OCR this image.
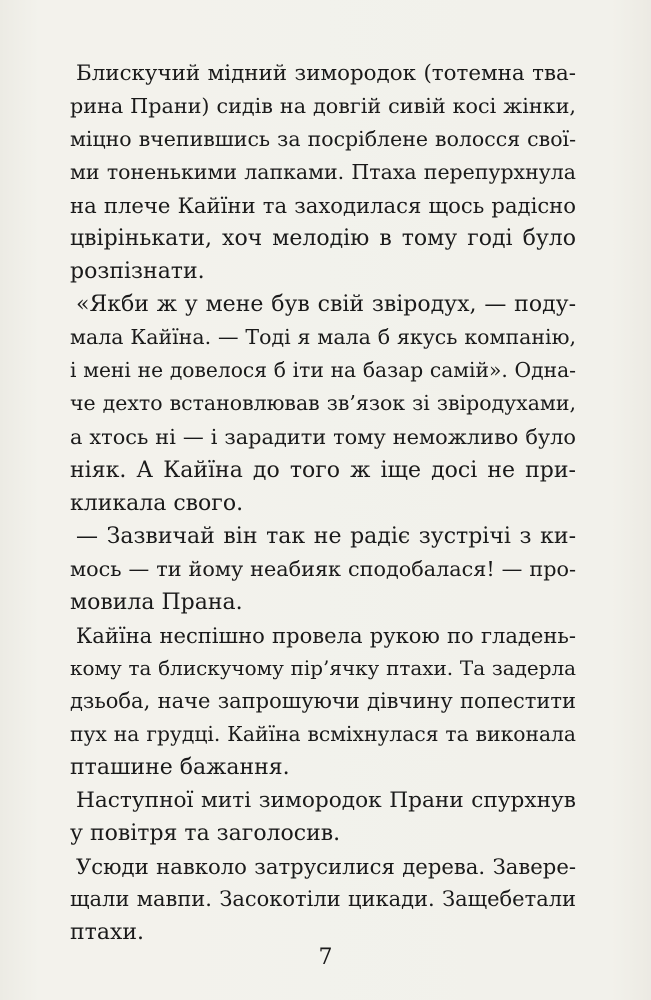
Блискучий мідний зимородок (тотемна тва-
рина Прани) сидів на довгій сивій косі жінки,
міцно вчепившись за посріблене волосся свої-
ми тоненькими лапками. Птаха перепурхнула
на плече Кайїни та заходилася щось радісно
цвірінькати, хоч мелодію в тому годі було
розпізнати.
«Якби ж у мене був свій звіродух, — поду-
мала Кайїна. — Тоді я мала б якусь компанію,
і мені не довелося б іти на базар самій». Одна-
че дехто встановлював зв’язок зі звіродухами,
а хтось ні — і зарадити тому неможливо було
ніяк. А Кайїна до того ж іще досі не при-
кликала свого.
— Зазвичай він так не радіє зустрічі з ки-
мось — ти йому неабияк сподобалася! — про-
мовила Прана.
Кайїна неспішно провела рукою по гладень-
кому та блискучому пір’ячку птахи. Та задерла
дзьоба, наче запрошуючи дівчину попестити
пух на грудці. Кайїна всміхнулася та виконала
пташине бажання.
Наступної миті зимородок Прани спурхнув
у повітря та заголосив.
Усюди навколо затрусилися дерева. Завере-
щали мавпи. Засокотіли цикади. Защебетали
птахи.
7
